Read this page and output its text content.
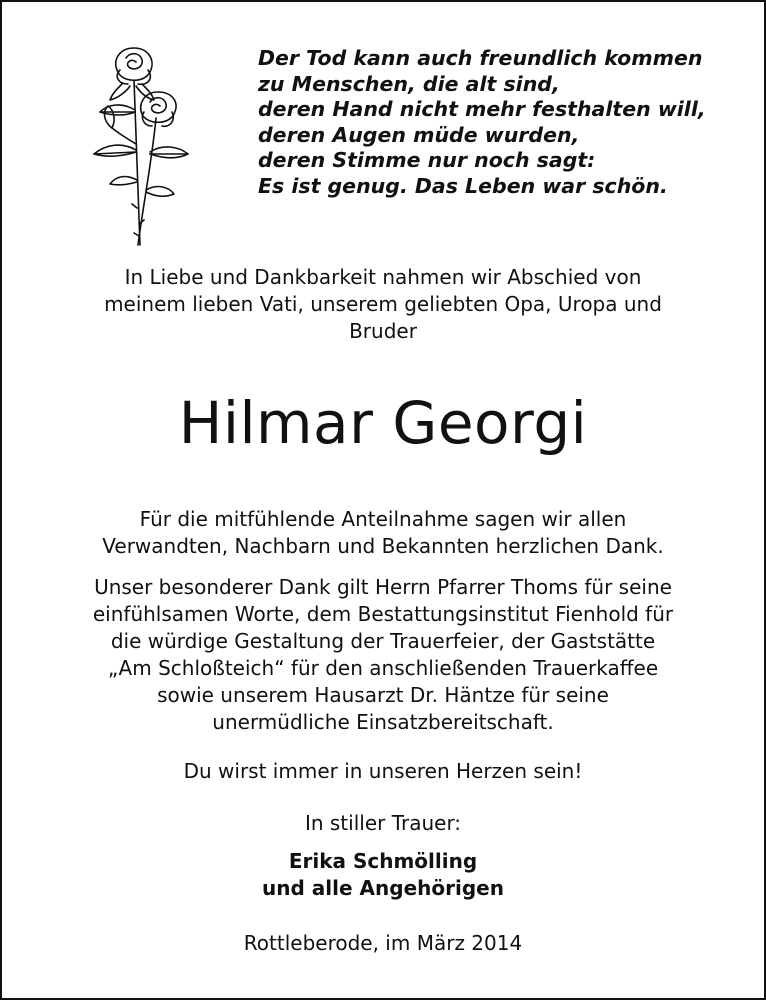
Der Tod kann auch freundlich kommen
zu Menschen, die alt sind,
deren Hand nicht mehr festhalten will,
deren Augen müde wurden,
deren Stimme nur noch sagt:
Es ist genug. Das Leben war schön.
In Liebe und Dankbarkeit nahmen wir Abschied von
meinem lieben Vati, unserem geliebten Opa, Uropa und
Bruder
Hilmar Georgi
Für die mitfühlende Anteilnahme sagen wir allen
Verwandten, Nachbarn und Bekannten herzlichen Dank.
Unser besonderer Dank gilt Herrn Pfarrer Thoms für seine
einfühlsamen Worte, dem Bestattungsinstitut Fienhold für
die würdige Gestaltung der Trauerfeier, der Gaststätte
„Am Schloßteich“ für den anschließenden Trauerkaffee
sowie unserem Hausarzt Dr. Häntze für seine
unermüdliche Einsatzbereitschaft.
Du wirst immer in unseren Herzen sein!
In stiller Trauer:
Erika Schmölling
und alle Angehörigen
Rottleberode, im März 2014
